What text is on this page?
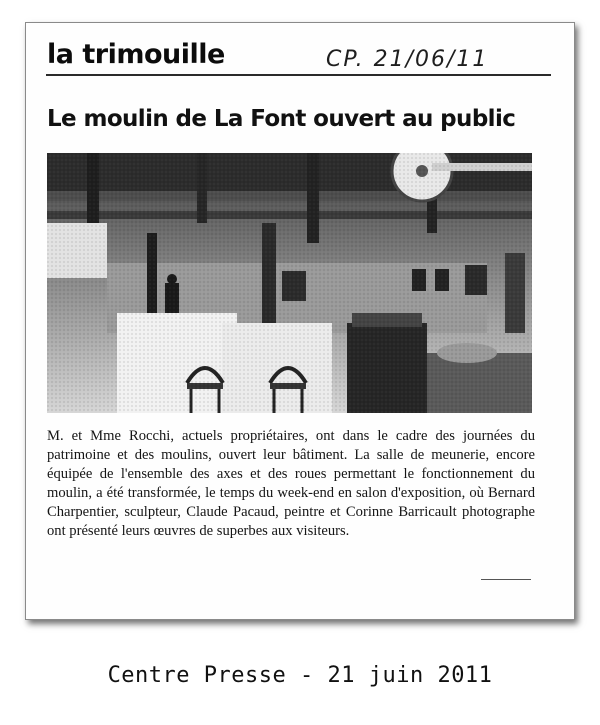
la trimouille	CP. 21/06/11
Le moulin de La Font ouvert au public
M. et Mme Rocchi, actuels propriétaires, ont dans le cadre des journées du patrimoine et des moulins, ouvert leur bâtiment. La salle de meunerie, encore équipée de l'ensemble des axes et des roues permettant le fonctionnement du moulin, a été transformée, le temps du week-end en salon d'exposition, où Bernard Charpentier, sculpteur, Claude Pacaud, peintre et Corinne Barricault photographe ont présenté leurs œuvres de superbes aux visiteurs.
Centre Presse - 21 juin 2011
